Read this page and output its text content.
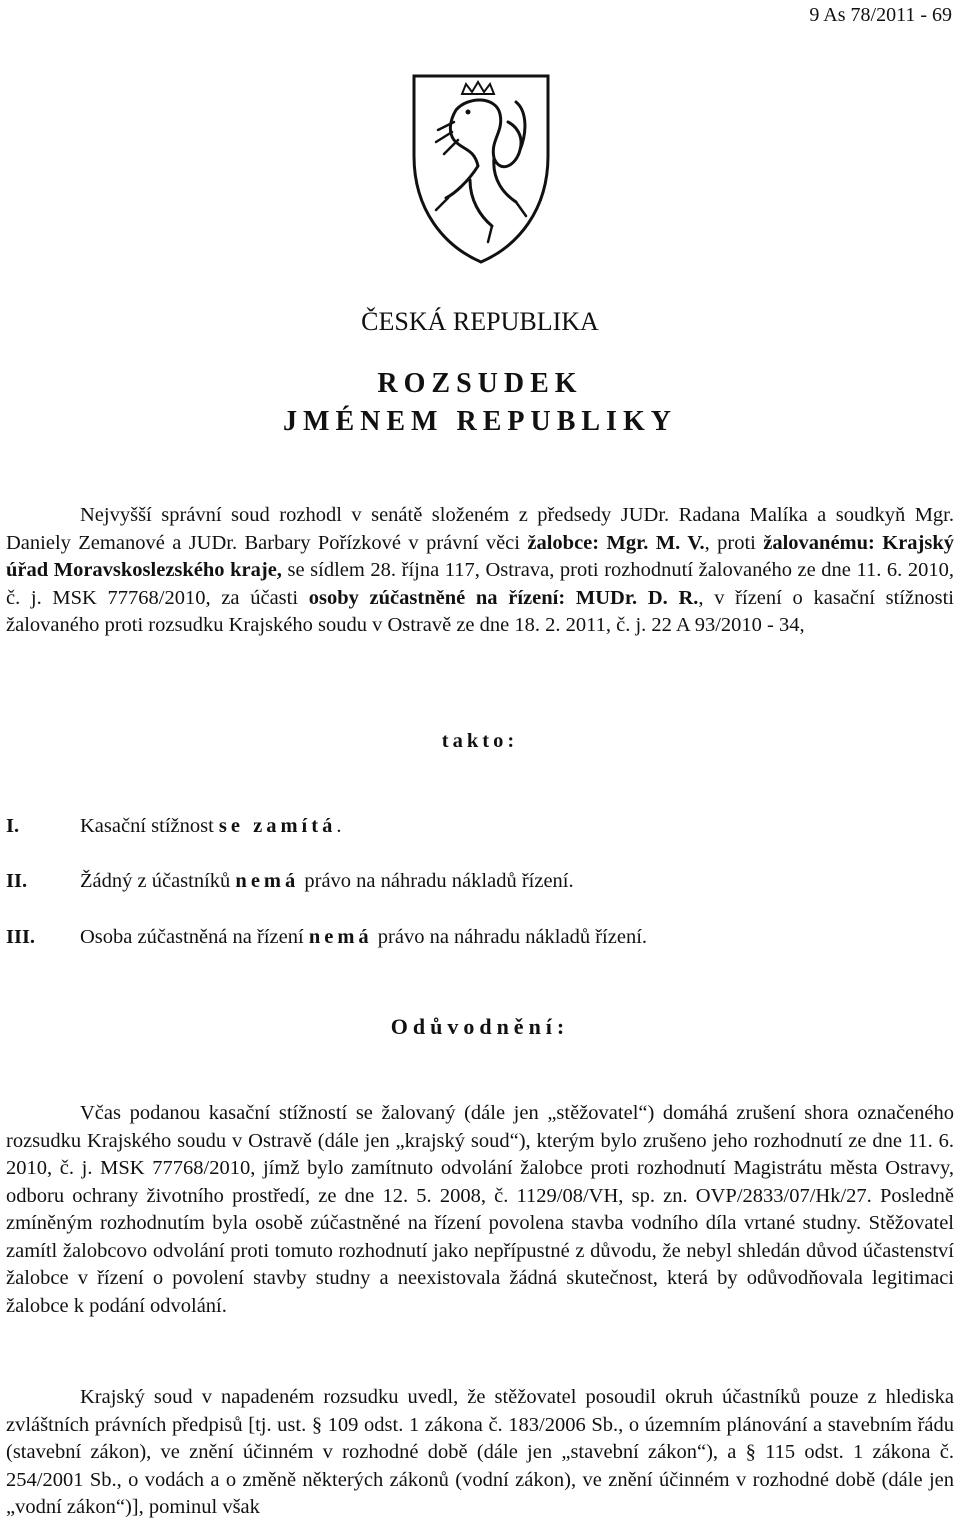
9 As 78/2011 - 69
ČESKÁ REPUBLIKA
ROZSUDEK
JMÉNEM REPUBLIKY

Nejvyšší správní soud rozhodl v senátě složeném z předsedy JUDr. Radana Malíka a soudkyň Mgr. Daniely Zemanové a JUDr. Barbary Pořízkové v právní věci žalobce: Mgr. M. V., proti žalovanému: Krajský úřad Moravskoslezského kraje, se sídlem 28. října 117, Ostrava, proti rozhodnutí žalovaného ze dne 11. 6. 2010, č. j. MSK 77768/2010, za účasti osoby zúčastněné na řízení: MUDr. D. R., v řízení o kasační stížnosti žalovaného proti rozsudku Krajského soudu v Ostravě ze dne 18. 2. 2011, č. j. 22 A 93/2010 - 34,

takto:
I.	Kasační stížnost se zamítá.
II.	Žádný z účastníků nemá právo na náhradu nákladů řízení.
III. Osoba zúčastněná na řízení nemá právo na náhradu nákladů řízení.
Odůvodnění:

Včas podanou kasační stížností se žalovaný (dále jen „stěžovatel“) domáhá zrušení shora označeného rozsudku Krajského soudu v Ostravě (dále jen „krajský soud“), kterým bylo zrušeno jeho rozhodnutí ze dne 11. 6. 2010, č. j. MSK 77768/2010, jímž bylo zamítnuto odvolání žalobce proti rozhodnutí Magistrátu města Ostravy, odboru ochrany životního prostředí, ze dne 12. 5. 2008, č. 1129/08/VH, sp. zn. OVP/2833/07/Hk/27. Posledně zmíněným rozhodnutím byla osobě zúčastněné na řízení povolena stavba vodního díla vrtané studny. Stěžovatel zamítl žalobcovo odvolání proti tomuto rozhodnutí jako nepřípustné z důvodu, že nebyl shledán důvod účastenství žalobce v řízení o povolení stavby studny a neexistovala žádná skutečnost, která by odůvodňovala legitimaci žalobce k podání odvolání.

Krajský soud v napadeném rozsudku uvedl, že stěžovatel posoudil okruh účastníků pouze z hlediska zvláštních právních předpisů [tj. ust. § 109 odst. 1 zákona č. 183/2006 Sb., o územním plánování a stavebním řádu (stavební zákon), ve znění účinném v rozhodné době (dále jen „stavební zákon“), a § 115 odst. 1 zákona č. 254/2001 Sb., o vodách a o změně některých zákonů (vodní zákon), ve znění účinném v rozhodné době (dále jen „vodní zákon“)], pominul však
